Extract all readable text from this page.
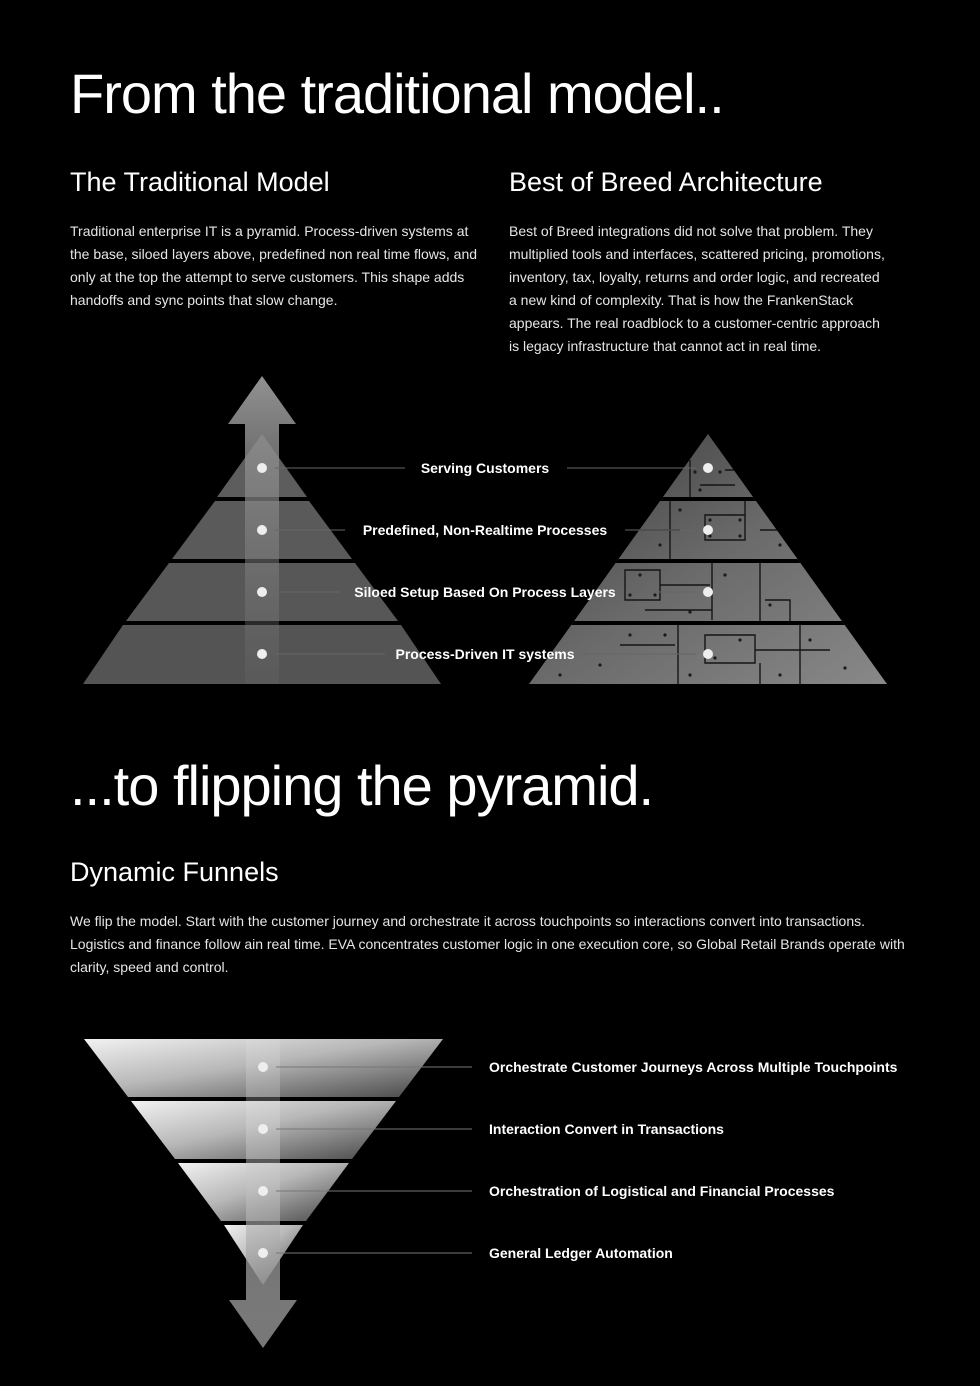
From the traditional model..
The Traditional Model
Traditional enterprise IT is a pyramid. Process-driven systems at the base, siloed layers above, predefined non real time flows, and only at the top the attempt to serve customers. This shape adds handoffs and sync points that slow change.
Best of Breed Architecture
Best of Breed integrations did not solve that problem. They multiplied tools and interfaces, scattered pricing, promotions, inventory, tax, loyalty, returns and order logic, and recreated a new kind of complexity. That is how the FrankenStack appears. The real roadblock to a customer-centric approach is legacy infrastructure that cannot act in real time.
...to flipping the pyramid.
Dynamic Funnels
We flip the model. Start with the customer journey and orchestrate it across touchpoints so interactions convert into transactions. Logistics and finance follow ain real time. EVA concentrates customer logic in one execution core, so Global Retail Brands operate with clarity, speed and control.
Serving Customers
Predefined, Non-Realtime Processes
Siloed Setup Based On Process Layers
Process-Driven IT systems
Orchestrate Customer Journeys Across Multiple Touchpoints
Interaction Convert in Transactions
Orchestration of Logistical and Financial Processes
General Ledger Automation
